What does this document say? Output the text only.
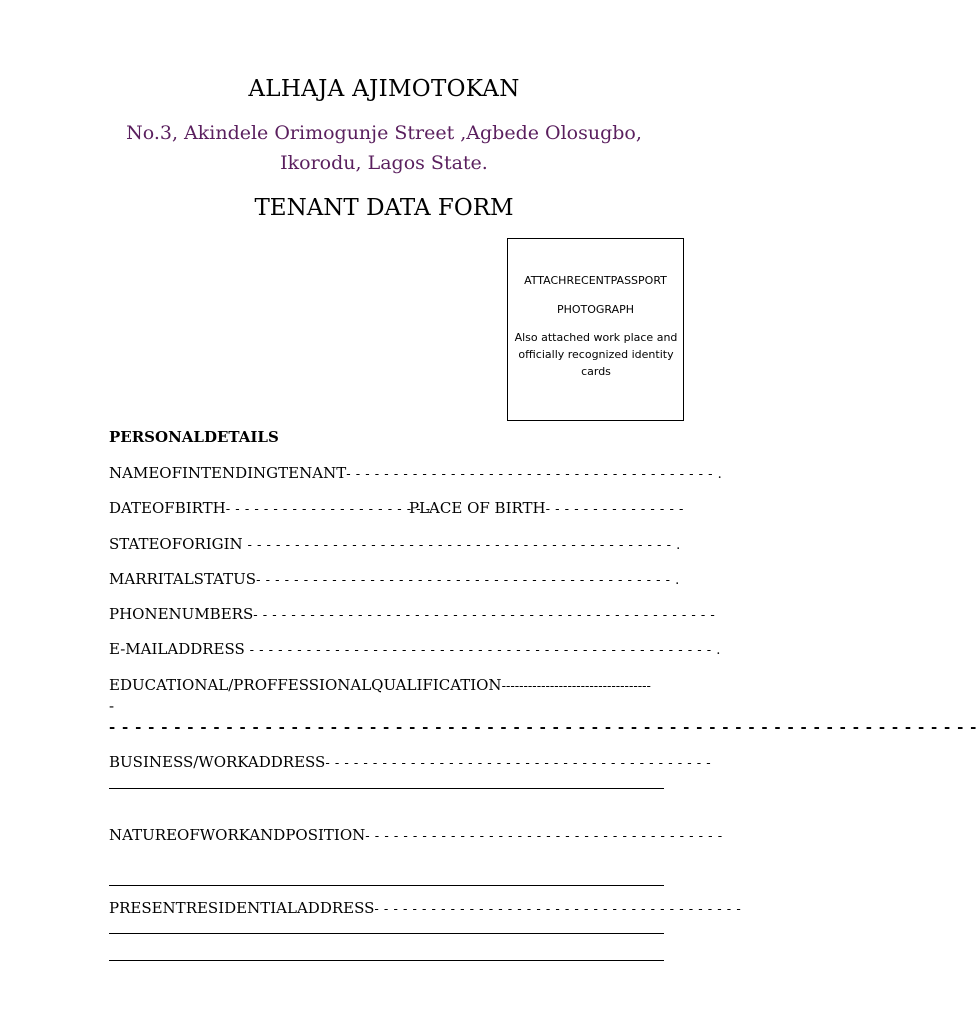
ALHAJA AJIMOTOKAN
No.3, Akindele Orimogunje Street ,Agbede Olosugbo,
Ikorodu, Lagos State.
TENANT DATA FORM
ATTACHRECENTPASSPORT
PHOTOGRAPH
Also attached work place and officially recognized identity cards
PERSONALDETAILS
NAMEOFINTENDINGTENANT- - - - - - - - - - - - - - - - - - - - - - - - - - - - - - - - - - - - - - - .
DATEOFBIRTH- - - - - - - - - - - - - - - - - - - - - -
PLACE OF BIRTH- - - - - - - - - - - - - - -
STATEOFORIGIN - - - - - - - - - - - - - - - - - - - - - - - - - - - - - - - - - - - - - - - - - - - - - .
MARRITALSTATUS- - - - - - - - - - - - - - - - - - - - - - - - - - - - - - - - - - - - - - - - - - - - .
PHONENUMBERS- - - - - - - - - - - - - - - - - - - - - - - - - - - - - - - - - - - - - - - - - - - - - - - - -
E-MAILADDRESS - - - - - - - - - - - - - - - - - - - - - - - - - - - - - - - - - - - - - - - - - - - - - - - - - .
EDUCATIONAL/PROFFESSIONALQUALIFICATION----------------------------------
-
- - - - - - - - - - - - - - - - - - - - - - - - - - - - - - - - - - - - - - - - - - - - - - - - - - - - - - - - - - - - - - - - - - -
BUSINESS/WORKADDRESS- - - - - - - - - - - - - - - - - - - - - - - - - - - - - - - - - - - - - - - - -
NATUREOFWORKANDPOSITION- - - - - - - - - - - - - - - - - - - - - - - - - - - - - - - - - - - - - -
PRESENTRESIDENTIALADDRESS- - - - - - - - - - - - - - - - - - - - - - - - - - - - - - - - - - - - - - -
